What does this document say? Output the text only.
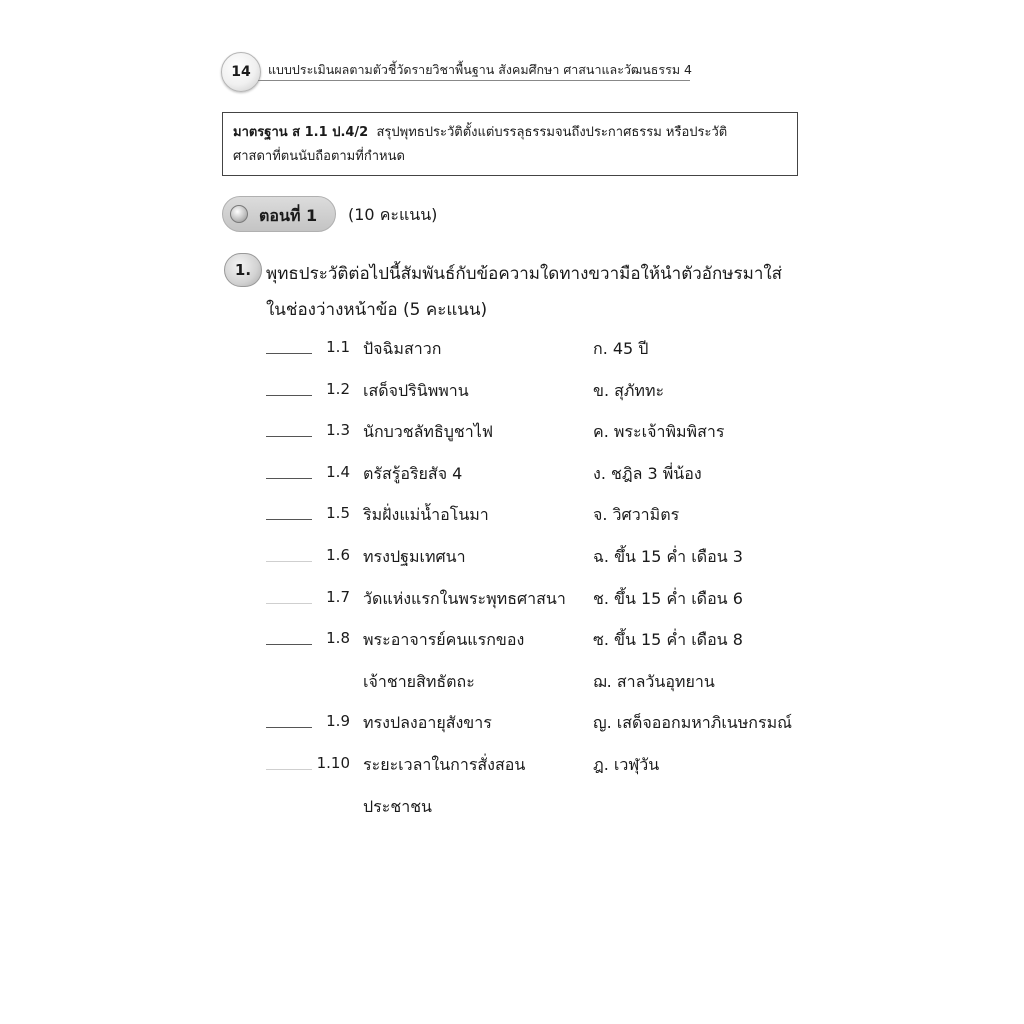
14	แบบประเมินผลตามตัวชี้วัดรายวิชาพื้นฐาน สังคมศึกษา ศาสนาและวัฒนธรรม 4
มาตรฐาน ส 1.1 ป.4/2 สรุปพุทธประวัติตั้งแต่บรรลุธรรมจนถึงประกาศธรรม หรือประวัติ
ศาสดาที่ตนนับถือตามที่กำหนด
ตอนที่ 1 (10 คะแนน)
1. พุทธประวัติต่อไปนี้สัมพันธ์กับข้อความใดทางขวามือให้นำตัวอักษรมาใส่
ในช่องว่างหน้าข้อ (5 คะแนน)
1.1 ปัจฉิมสาวก
1.2 เสด็จปรินิพพาน
1.3 นักบวชลัทธิบูชาไฟ
1.4 ตรัสรู้อริยสัจ 4
1.5 ริมฝั่งแม่น้ำอโนมา
1.6 ทรงปฐมเทศนา
1.7 วัดแห่งแรกในพระพุทธศาสนา
1.8 พระอาจารย์คนแรกของ
เจ้าชายสิทธัตถะ
1.9 ทรงปลงอายุสังขาร
1.10 ระยะเวลาในการสั่งสอน
ประชาชน
ก. 45 ปี
ข. สุภัททะ
ค. พระเจ้าพิมพิสาร
ง. ชฎิล 3 พี่น้อง
จ. วิศวามิตร
ฉ. ขึ้น 15 ค่ำ เดือน 3
ช. ขึ้น 15 ค่ำ เดือน 6
ซ. ขึ้น 15 ค่ำ เดือน 8
ฌ. สาลวันอุทยาน
ญ. เสด็จออกมหาภิเนษกรมณ์
ฎ. เวฬุวัน
